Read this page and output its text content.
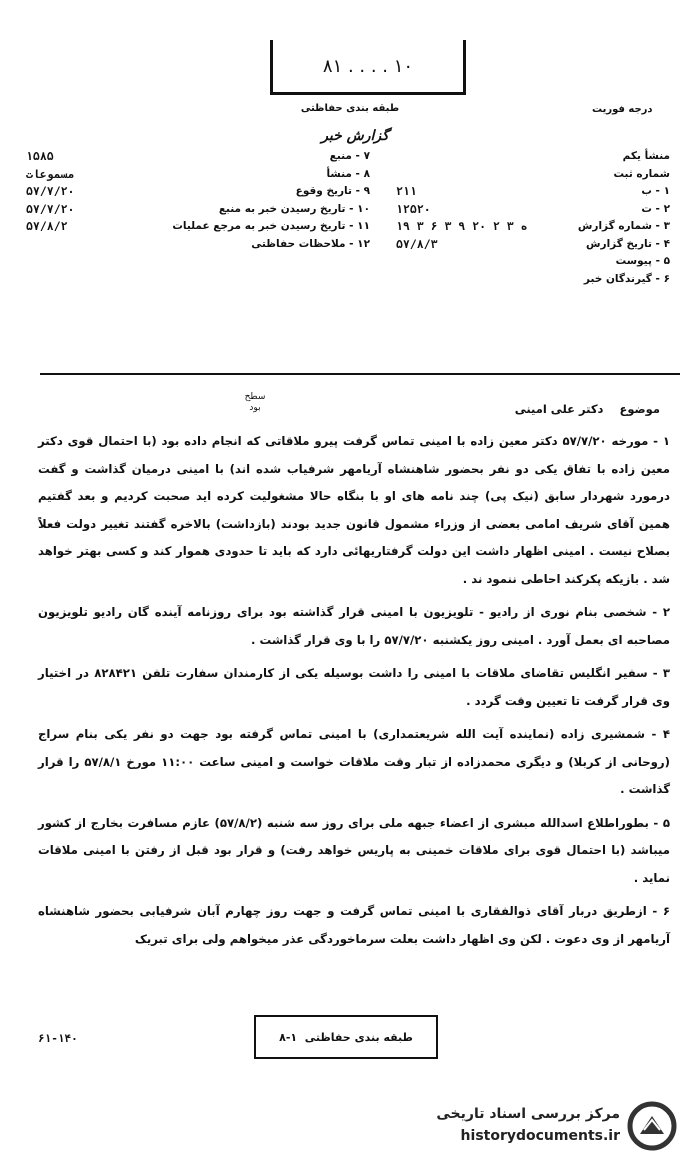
۸۱ . . . . ۱۰
طبقه بندی حفاظتی	درجه فوریت
گزارش خبر
منشأ یکم
شماره ثبت
۱ - ب
۲۱۱
۲ - ت
۱۲۵۲۰
۳ - شماره گزارش
۱۹ ۳ ۶ ۳ ۹ ۲۰ ۲ ه ۳
۴ - تاریخ گزارش
۵۷/۸/۳
۵ - پیوست
۶ - گیرندگان خبر
۷ - منبع
۱۵۸۵
۸ - منشأ
مسموعات
۹ - تاریخ وقوع
۵۷/۷/۲۰
۱۰ - تاریخ رسیدن خبر به منبع
۵۷/۷/۲۰
۱۱ - تاریخ رسیدن خبر به مرجع عملیات
۵۷/۸/۲
۱۲ - ملاحظات حفاظتی
موضوع    دکتر علی امینی
سطح بود

۱ - مورخه ۵۷/۷/۲۰ دکتر معین زاده با امینی تماس گرفت پیرو ملاقاتی که انجام داده بود (با احتمال قوی دکتر معین زاده با تفاق یکی دو نفر بحضور شاهنشاه آریامهر شرفیاب شده اند) با امینی درمیان گذاشت و گفت درمورد شهردار سابق (نیک پی) چند نامه های او با بنگاه حالا مشغولیت کرده اید صحبت کردیم و بعد گفتیم همین آقای شریف امامی بعضی از وزراء مشمول قانون جدید بودند (بازداشت) بالاخره گفتند تغییر دولت فعلاً بصلاح نیست . امینی اظهار داشت این دولت گرفتاریهائی دارد که باید تا حدودی هموار کند و کسی بهتر خواهد شد . بازیکه پکرکند احاطی ننمود ند .

۲ - شخصی بنام نوری از رادیو - تلویزیون با امینی قرار گذاشته بود برای روزنامه آینده گان رادیو تلویزیون مصاحبه ای بعمل آورد . امینی روز یکشنبه ۵۷/۷/۲۰ را با وی قرار گذاشت .

۳ - سفیر انگلیس تقاضای ملاقات با امینی را داشت بوسیله یکی از کارمندان سفارت تلفن ۸۲۸۴۲۱ در اختیار وی قرار گرفت تا تعیین وقت گردد .

۴ - شمشیری زاده (نماینده آیت الله شریعتمداری) با امینی تماس گرفته بود جهت دو نفر یکی بنام سراج (روحانی از کربلا) و دیگری محمدزاده از تبار وقت ملاقات خواست و امینی ساعت ۱۱:۰۰ مورخ ۵۷/۸/۱ را قرار گذاشت .

۵ - بطوراطلاع اسدالله مبشری از اعضاء جبهه ملی برای روز سه شنبه (۵۷/۸/۲) عازم مسافرت بخارج از کشور میباشد (با احتمال قوی برای ملاقات خمینی به پاریس خواهد رفت) و قرار بود قبل از رفتن با امینی ملاقات نماید .

۶ - ازطریق دربار آقای ذوالفقاری با امینی تماس گرفت و جهت روز چهارم آبان شرفیابی بحضور شاهنشاه آریامهر از وی دعوت . لکن وی اظهار داشت بعلت سرماخوردگی عذر میخواهم ولی برای تبریک

طبقه بندی حفاظتی

۸-۱
۶۱-۱۴۰
مرکز بررسی اسناد تاریخی
historydocuments.ir
